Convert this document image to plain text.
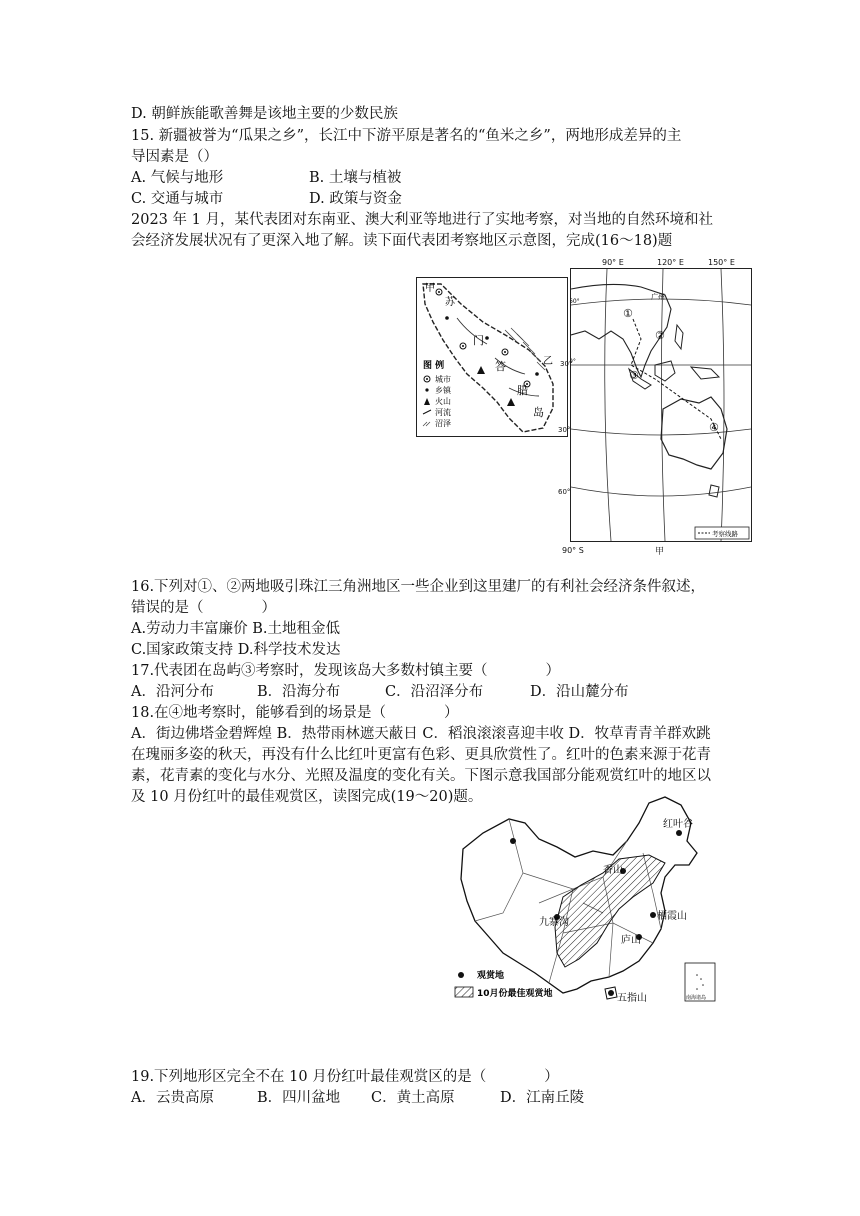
D. 朝鲜族能歌善舞是该地主要的少数民族
15. 新疆被誉为“瓜果之乡”，长江中下游平原是著名的“鱼米之乡”，两地形成差异的主
导因素是（）
A. 气候与地形	B. 土壤与植被
C. 交通与城市	D. 政策与资金
2023 年 1 月，某代表团对东南亚、澳大利亚等地进行了实地考察，对当地的自然环境和社
会经济发展状况有了更深入地了解。读下面代表团考察地区示意图，完成(16～18)题
甲
苏
门
答
腊
乙
岛
图 例
城市
乡镇
火山
河流
沼泽
①
②
③
④
广州
0°
°
考察线路
90° E	120° E	150° E
30°
30°
60°
90° S	甲
16.下列对①、②两地吸引珠江三角洲地区一些企业到这里建厂的有利社会经济条件叙述，
错误的是（　　　　）
A.劳动力丰富廉价 B.土地租金低
C.国家政策支持 D.科学技术发达
17.代表团在岛屿③考察时，发现该岛大多数村镇主要（　　　　）
A．沿河分布	B．沿海分布	C．沿沼泽分布	D．沿山麓分布
18.在④地考察时，能够看到的场景是（　　　　）
A．街边佛塔金碧辉煌 B．热带雨林遮天蔽日 C．稻浪滚滚喜迎丰收 D．牧草青青羊群欢跳
在瑰丽多姿的秋天，再没有什么比红叶更富有色彩、更具欣赏性了。红叶的色素来源于花青
素，花青素的变化与水分、光照及温度的变化有关。下图示意我国部分能观赏红叶的地区以
及 10 月份红叶的最佳观赏区，读图完成(19～20)题。
红叶谷
香山
九寨沟
栖霞山
庐山
五指山
观赏地
10月份最佳观赏地	南海诸岛
19.下列地形区完全不在 10 月份红叶最佳观赏区的是（　　　　）
A．云贵高原	B．四川盆地 C．黄土高原	D．江南丘陵
